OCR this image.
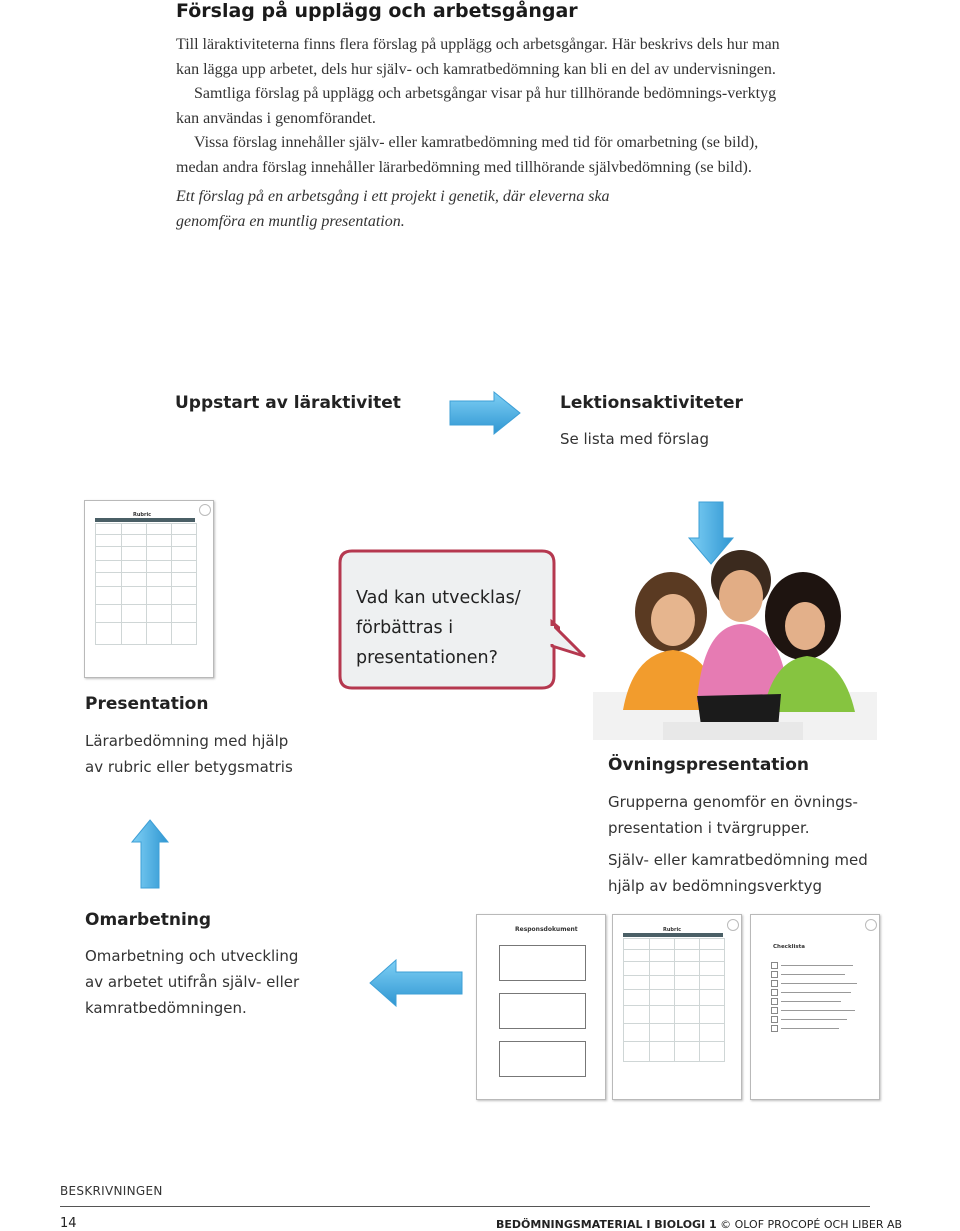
Förslag på upplägg och arbetsgångar

Till läraktiviteterna finns flera förslag på upplägg och arbetsgångar. Här beskrivs dels hur man kan lägga upp arbetet, dels hur själv- och kamratbedömning kan bli en del av undervisningen.

Samtliga förslag på upplägg och arbetsgångar visar på hur tillhörande bedömnings-verktyg kan användas i genomförandet.

Vissa förslag innehåller själv- eller kamratbedömning med tid för omarbetning (se bild), medan andra förslag innehåller lärarbedömning med tillhörande självbedömning (se bild).

Ett förslag på en arbetsgång i ett projekt i genetik, där eleverna ska genomföra en muntlig presentation.

Uppstart av läraktivitet	Lektionsaktiviteter
Se lista med förslag
Rubric
Vad kan utvecklas/ förbättras i presentationen?
Presentation
Lärarbedömning med hjälp av rubric eller betygsmatris	Övningspresentation
Grupperna genomför en övnings-presentation i tvärgrupper.
Själv- eller kamratbedömning med hjälp av bedömningsverktyg
Omarbetning
Omarbetning och utveckling av arbetet utifrån själv- eller kamratbedömningen.
Responsdokument	Rubric
Checklista
BESKRIVNINGEN
14	BEDÖMNINGSMATERIAL I BIOLOGI 1 © OLOF PROCOPÉ OCH LIBER AB
